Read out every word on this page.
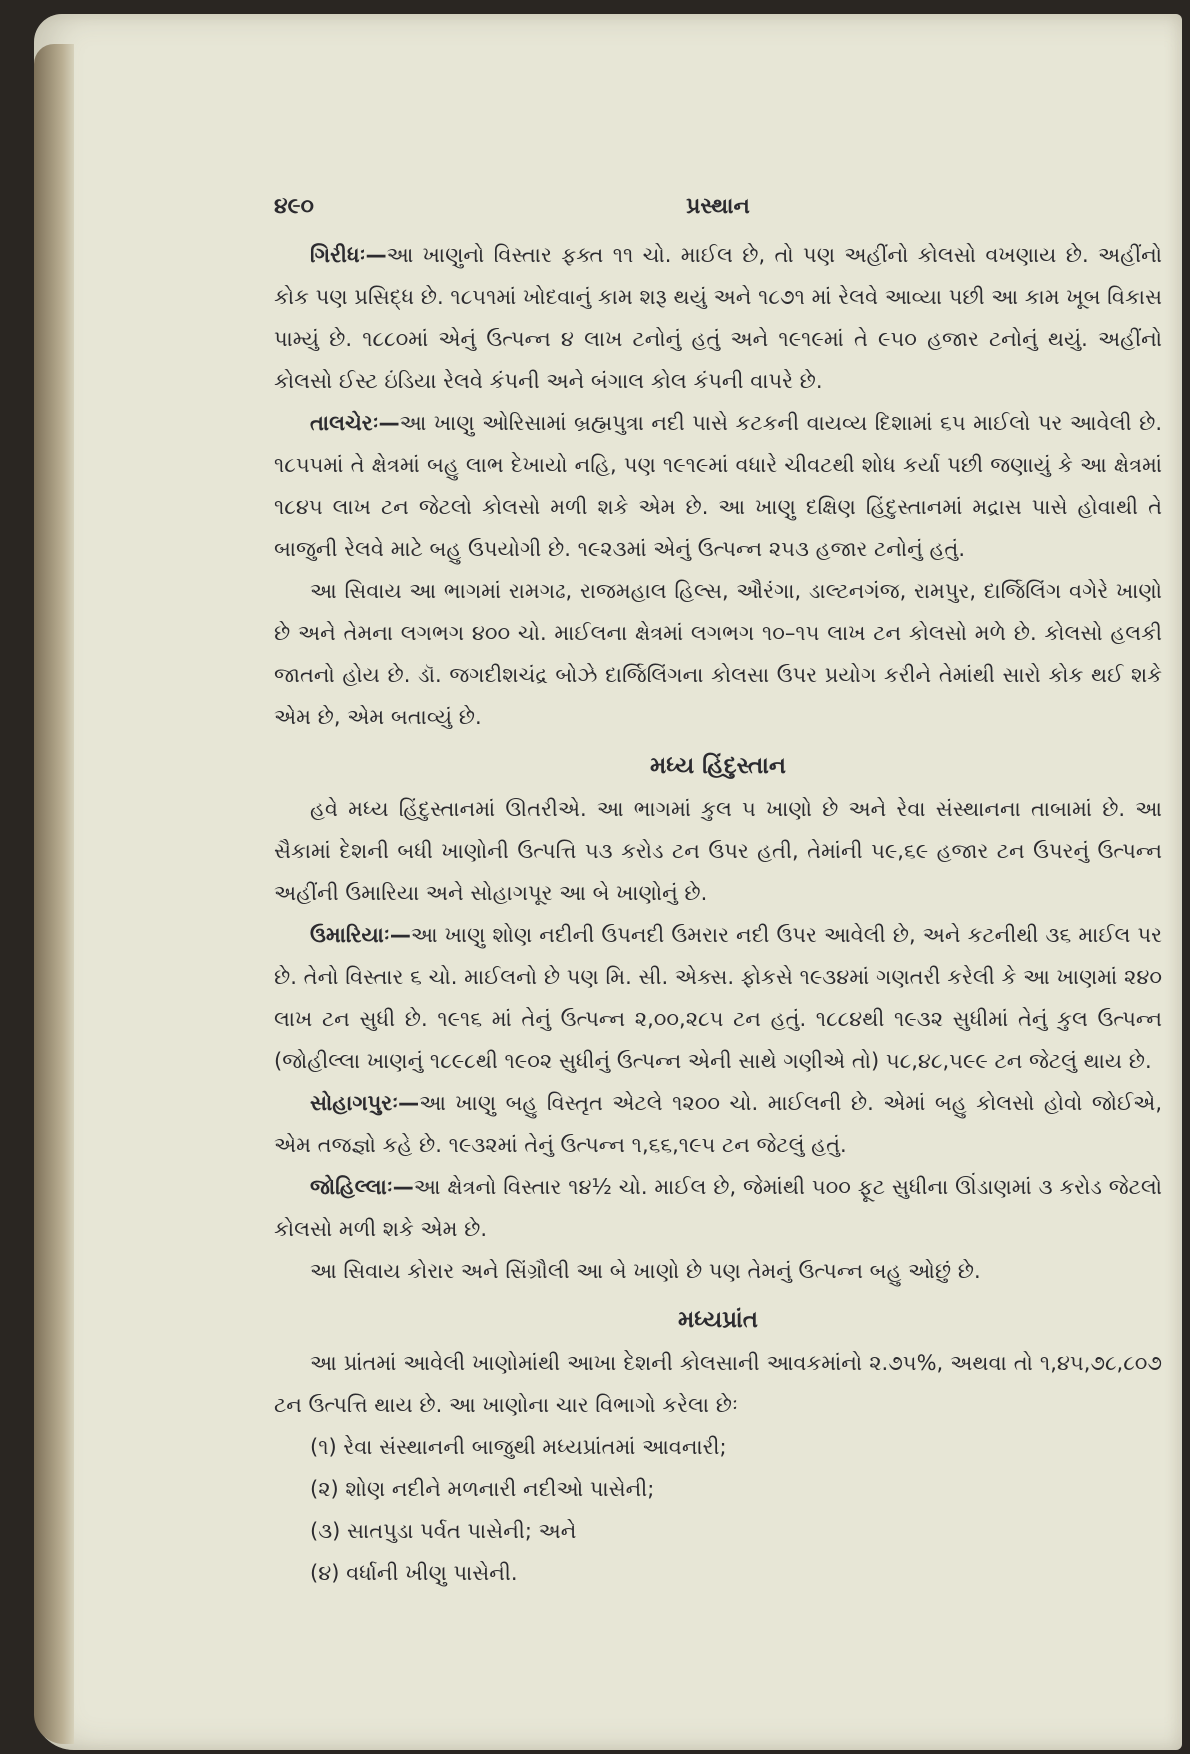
૪૯૦	પ્રસ્થાન

ગિરીધઃ—આ ખાણુનો વિસ્તાર ફક્ત ૧૧ ચો. માઈલ છે, તો પણ અહીંનો કોલસો વખણાય છે. અહીંનો કોક પણ પ્રસિદ્ધ છે. ૧૮૫૧માં ખોદવાનું કામ શરૂ થયું અને ૧૮૭૧ માં રેલવે આવ્યા પછી આ કામ ખૂબ વિકાસ પામ્યું છે. ૧૮૮૦માં એનું ઉત્પન્ન ૪ લાખ ટનોનું હતું અને ૧૯૧૯માં તે ૯૫૦ હજાર ટનોનું થયું. અહીંનો કોલસો ઈસ્ટ ઇંડિયા રેલવે કંપની અને બંગાલ કોલ કંપની વાપરે છે.

તાલચેરઃ—આ ખાણુ ઓરિસામાં બ્રહ્મપુત્રા નદી પાસે કટકની વાયવ્ય દિશામાં ૬૫ માઈલો પર આવેલી છે. ૧૮૫૫માં તે ક્ષેત્રમાં બહુ લાભ દેખાયો નહિ, પણ ૧૯૧૯માં વધારે ચીવટથી શોધ કર્યા પછી જણાયું કે આ ક્ષેત્રમાં ૧૮૪૫ લાખ ટન જેટલો કોલસો મળી શકે એમ છે. આ ખાણુ દક્ષિણ હિંદુસ્તાનમાં મદ્રાસ પાસે હોવાથી તે બાજુની રેલવે માટે બહુ ઉપયોગી છે. ૧૯૨૩માં એનું ઉત્પન્ન ૨૫૩ હજાર ટનોનું હતું.

આ સિવાય આ ભાગમાં રામગઢ, રાજમહાલ હિલ્સ, ઔરંગા, ડાલ્ટનગંજ, રામપુર, દાર્જિલિંગ વગેરે ખાણો છે અને તેમના લગભગ ૪૦૦ ચો. માઈલના ક્ષેત્રમાં લગભગ ૧૦–૧૫ લાખ ટન કોલસો મળે છે. કોલસો હલકી જાતનો હોય છે. ડૉ. જગદીશચંદ્ર બોઝે દાર્જિલિંગના કોલસા ઉપર પ્રયોગ કરીને તેમાંથી સારો કોક થઈ શકે એમ છે, એમ બતાવ્યું છે.

મધ્ય હિંદુસ્તાન

હવે મધ્ય હિંદુસ્તાનમાં ઊતરીએ. આ ભાગમાં કુલ ૫ ખાણો છે અને રેવા સંસ્થાનના તાબામાં છે. આ સૈકામાં દેશની બધી ખાણોની ઉત્પત્તિ ૫૩ કરોડ ટન ઉપર હતી, તેમાંની ૫૯,૬૯ હજાર ટન ઉપરનું ઉત્પન્ન અહીંની ઉમારિયા અને સોહાગપૂર આ બે ખાણોનું છે.

ઉમારિયાઃ—આ ખાણુ શોણ નદીની ઉપનદી ઉમરાર નદી ઉપર આવેલી છે, અને કટનીથી ૩૬ માઈલ પર છે. તેનો વિસ્તાર ૬ ચો. માઈલનો છે પણ મિ. સી. એક્સ. ફોકસે ૧૯૩૪માં ગણતરી કરેલી કે આ ખાણમાં ૨૪૦ લાખ ટન સુધી છે. ૧૯૧૬ માં તેનું ઉત્પન્ન ૨,૦૦,૨૮૫ ટન હતું. ૧૮૮૪થી ૧૯૩૨ સુધીમાં તેનું કુલ ઉત્પન્ન (જોહીલ્લા ખાણનું ૧૮૯૮થી ૧૯૦૨ સુધીનું ઉત્પન્ન એની સાથે ગણીએ તો) ૫૮,૪૮,૫૯૯ ટન જેટલું થાય છે.

સોહાગપુરઃ—આ ખાણુ બહુ વિસ્તૃત એટલે ૧૨૦૦ ચો. માઈલની છે. એમાં બહુ કોલસો હોવો જોઈએ, એમ તજજ્ઞો કહે છે. ૧૯૩૨માં તેનું ઉત્પન્ન ૧,૬૬,૧૯૫ ટન જેટલું હતું.

જોહિલ્લાઃ—આ ક્ષેત્રનો વિસ્તાર ૧૪½ ચો. માઈલ છે, જેમાંથી ૫૦૦ ફૂટ સુધીના ઊંડાણમાં ૩ કરોડ જેટલો કોલસો મળી શકે એમ છે.

આ સિવાય કોરાર અને સિંગ્રૌલી આ બે ખાણો છે પણ તેમનું ઉત્પન્ન બહુ ઓછું છે.

મધ્યપ્રાંત

આ પ્રાંતમાં આવેલી ખાણોમાંથી આખા દેશની કોલસાની આવકમાંનો ૨.૭૫%, અથવા તો ૧,૪૫,૭૮,૮૦૭ ટન ઉત્પત્તિ થાય છે. આ ખાણોના ચાર વિભાગો કરેલા છેઃ

(૧) રેવા સંસ્થાનની બાજુથી મધ્યપ્રાંતમાં આવનારી;
(૨) શોણ નદીને મળનારી નદીઓ પાસેની;
(૩) સાતપુડા પર્વત પાસેની; અને
(૪) વર્ધાની ખીણુ પાસેની.
